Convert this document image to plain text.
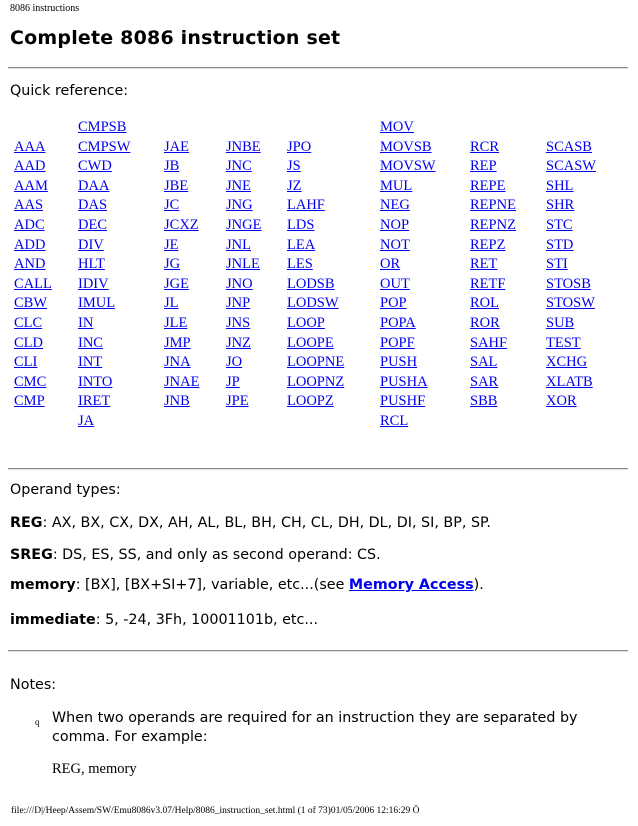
8086 instructions
Complete 8086 instruction set

Quick reference:

AAA
AAD
AAM
AAS
ADC
ADD
AND
CALL
CBW
CLC
CLD
CLI
CMC
CMP
CMPSB
CMPSW
CWD
DAA
DAS
DEC
DIV
HLT
IDIV
IMUL
IN
INC
INT
INTO
IRET
JA
JAE
JB
JBE
JC
JCXZ
JE
JG
JGE
JL
JLE
JMP
JNA
JNAE
JNB
JNBE
JNC
JNE
JNG
JNGE
JNL
JNLE
JNO
JNP
JNS
JNZ
JO
JP
JPE
JPO
JS
JZ
LAHF
LDS
LEA
LES
LODSB
LODSW
LOOP
LOOPE
LOOPNE
LOOPNZ
LOOPZ
MOV
MOVSB
MOVSW
MUL
NEG
NOP
NOT
OR
OUT
POP
POPA
POPF
PUSH
PUSHA
PUSHF
RCL
RCR
REP
REPE
REPNE
REPNZ
REPZ
RET
RETF
ROL
ROR
SAHF
SAL
SAR
SBB
SCASB
SCASW
SHL
SHR
STC
STD
STI
STOSB
STOSW
SUB
TEST
XCHG
XLATB
XOR

Operand types:

REG: AX, BX, CX, DX, AH, AL, BL, BH, CH, CL, DH, DL, DI, SI, BP, SP.

SREG: DS, ES, SS, and only as second operand: CS.

memory: [BX], [BX+SI+7], variable, etc...(see Memory Access).

immediate: 5, -24, 3Fh, 10001101b, etc...

Notes:

q When two operands are required for an instruction they are separated by comma. For example:

REG, memory
file:///D|/Heep/Assem/SW/Emu8086v3.07/Help/8086_instruction_set.html (1 of 73)01/05/2006 12:16:29 Ö
